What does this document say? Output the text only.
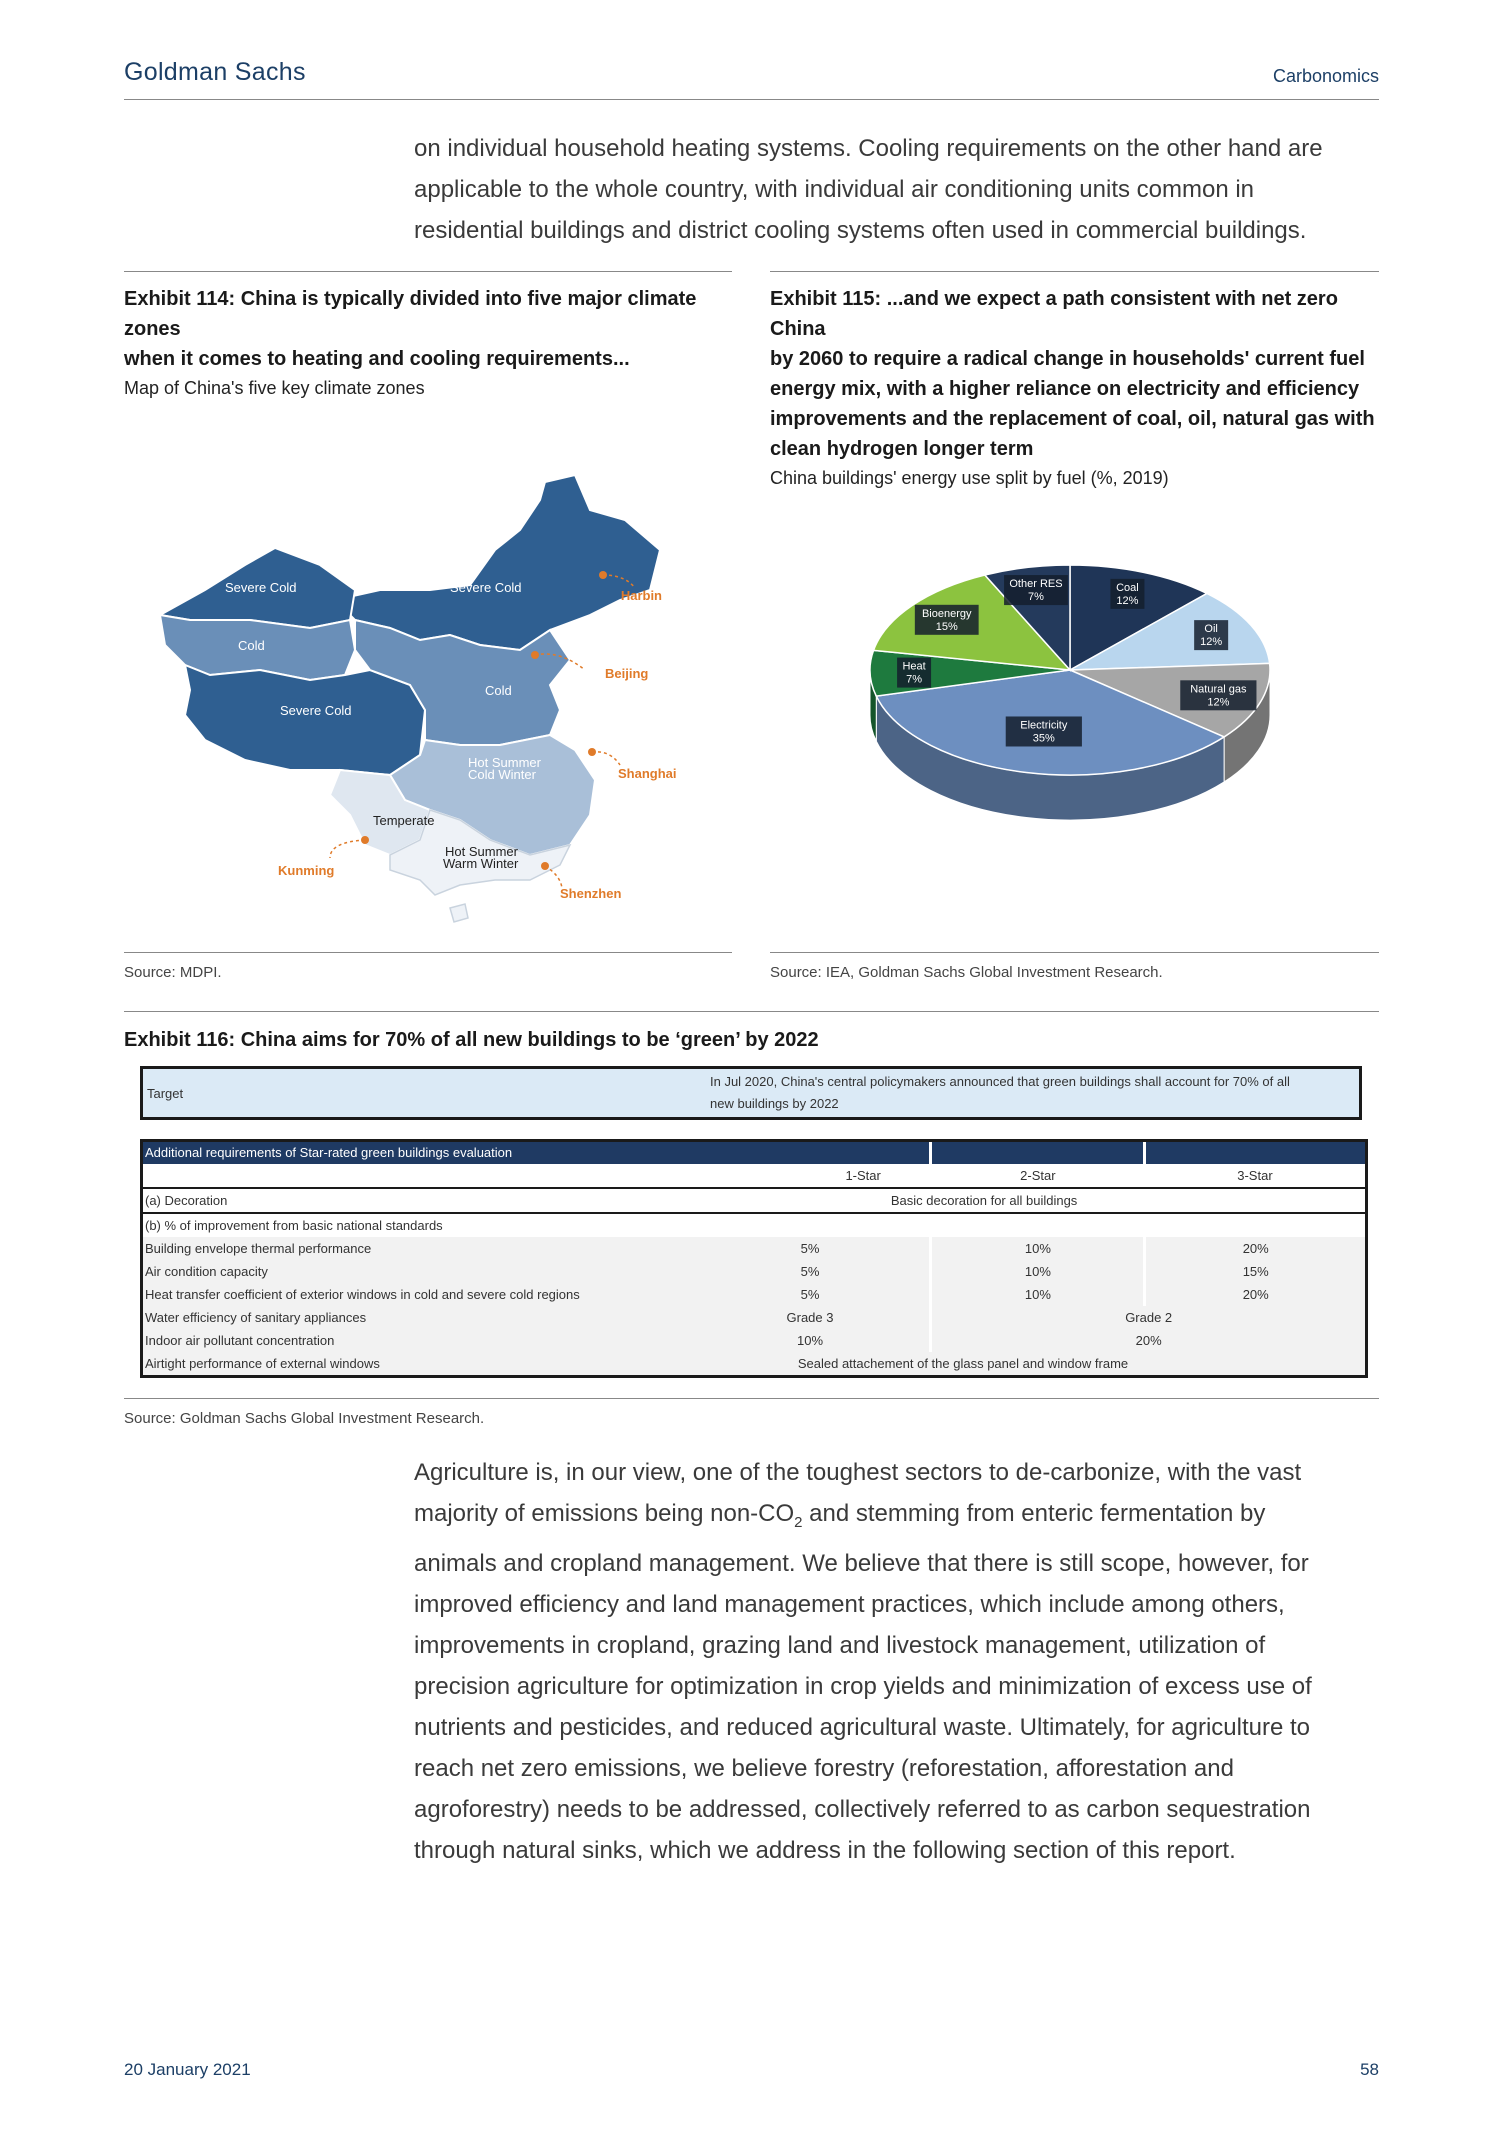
Goldman Sachs	Carbonomics

on individual household heating systems. Cooling requirements on the other hand are

applicable to the whole country, with individual air conditioning units common in

residential buildings and district cooling systems often used in commercial buildings.

Exhibit 114: China is typically divided into five major climate zones
when it comes to heating and cooling requirements...
Map of China's five key climate zones
Exhibit 115: ...and we expect a path consistent with net zero China
by 2060 to require a radical change in households' current fuel
energy mix, with a higher reliance on electricity and efficiency
improvements and the replacement of coal, oil, natural gas with
clean hydrogen longer term
China buildings' energy use split by fuel (%, 2019)
Severe Cold	Severe Cold
Cold
Severe Cold
Cold
Hot Summer
Cold Winter
Temperate
Hot Summer
Warm Winter
Harbin
Beijing
Shanghai
Kunming
Shenzhen
Coal
12%
Oil
12%
Natural gas
12%
Electricity
35%
Heat
7%
Bioenergy
15%
Other RES
7%
Source: MDPI.	Source: IEA, Goldman Sachs Global Investment Research.
Exhibit 116: China aims for 70% of all new buildings to be ‘green’ by 2022
Target	
In Jul 2020, China's central policymakers announced that green buildings shall account for 70% of all
new buildings by 2022
Additional requirements of Star-rated green buildings evaluation		
1-Star	2-Star	3-Star
(a) Decoration	Basic decoration for all buildings	
(b) % of improvement from basic national standards		
Building envelope thermal performance 5%	10%	20%
Air condition capacity 5%	10%	15%
Heat transfer coefficient of exterior windows in cold and severe cold regions 5%	10%	20%
Water efficiency of sanitary appliances Grade 3	Grade 2	
Indoor air pollutant concentration 10%	20%	
Airtight performance of external windows	Sealed attachement of the glass panel and window frame	
Source: Goldman Sachs Global Investment Research.

Agriculture is, in our view, one of the toughest sectors to de-carbonize, with the vast

majority of emissions being non-$CO_2$ and stemming from enteric fermentation by

animals and cropland management. We believe that there is still scope, however, for

improved efficiency and land management practices, which include among others,

improvements in cropland, grazing land and livestock management, utilization of

precision agriculture for optimization in crop yields and minimization of excess use of

nutrients and pesticides, and reduced agricultural waste. Ultimately, for agriculture to

reach net zero emissions, we believe forestry (reforestation, afforestation and

agroforestry) needs to be addressed, collectively referred to as carbon sequestration

through natural sinks, which we address in the following section of this report.

20 January 2021	58
